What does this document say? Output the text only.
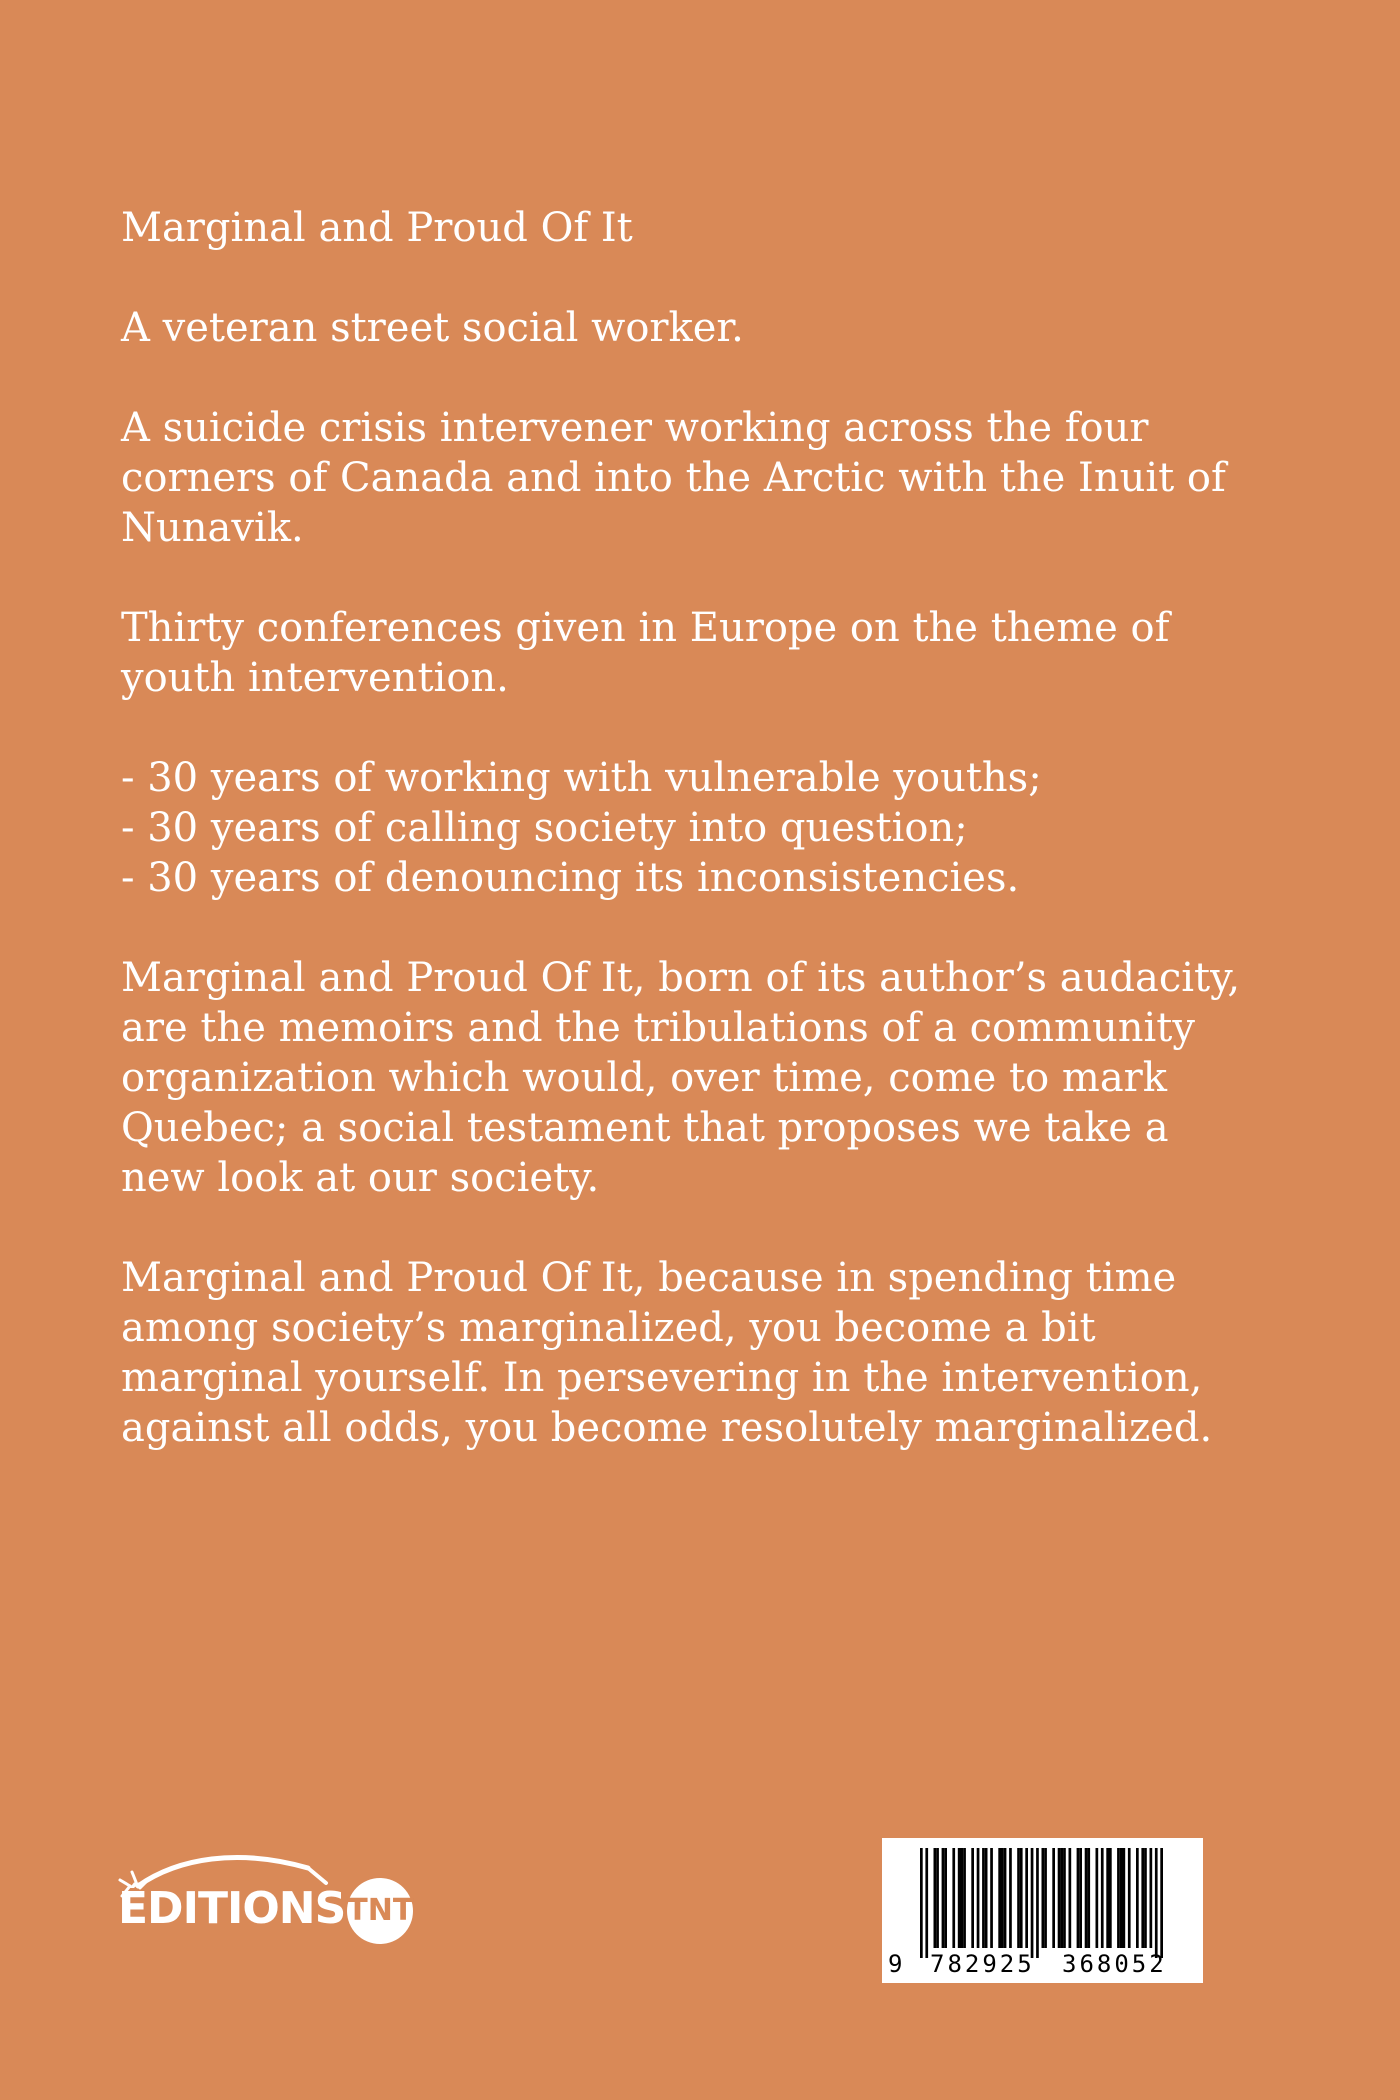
Marginal and Proud Of It

A veteran street social worker.

A suicide crisis intervener working across the four corners of Canada and into the Arctic with the Inuit of Nunavik.

Thirty conferences given in Europe on the theme of youth intervention.

- 30 years of working with vulnerable youths;
- 30 years of calling society into question;
- 30 years of denouncing its inconsistencies.

Marginal and Proud Of It, born of its author’s audacity, are the memoirs and the tribulations of a community organization which would, over time, come to mark Quebec; a social testament that proposes we take a new look at our society.

Marginal and Proud Of It, because in spending time among society’s marginalized, you become a bit marginal yourself. In persevering in the intervention, against all odds, you become resolutely marginalized.

ÉDITIONSTNT
9 782925 368052
